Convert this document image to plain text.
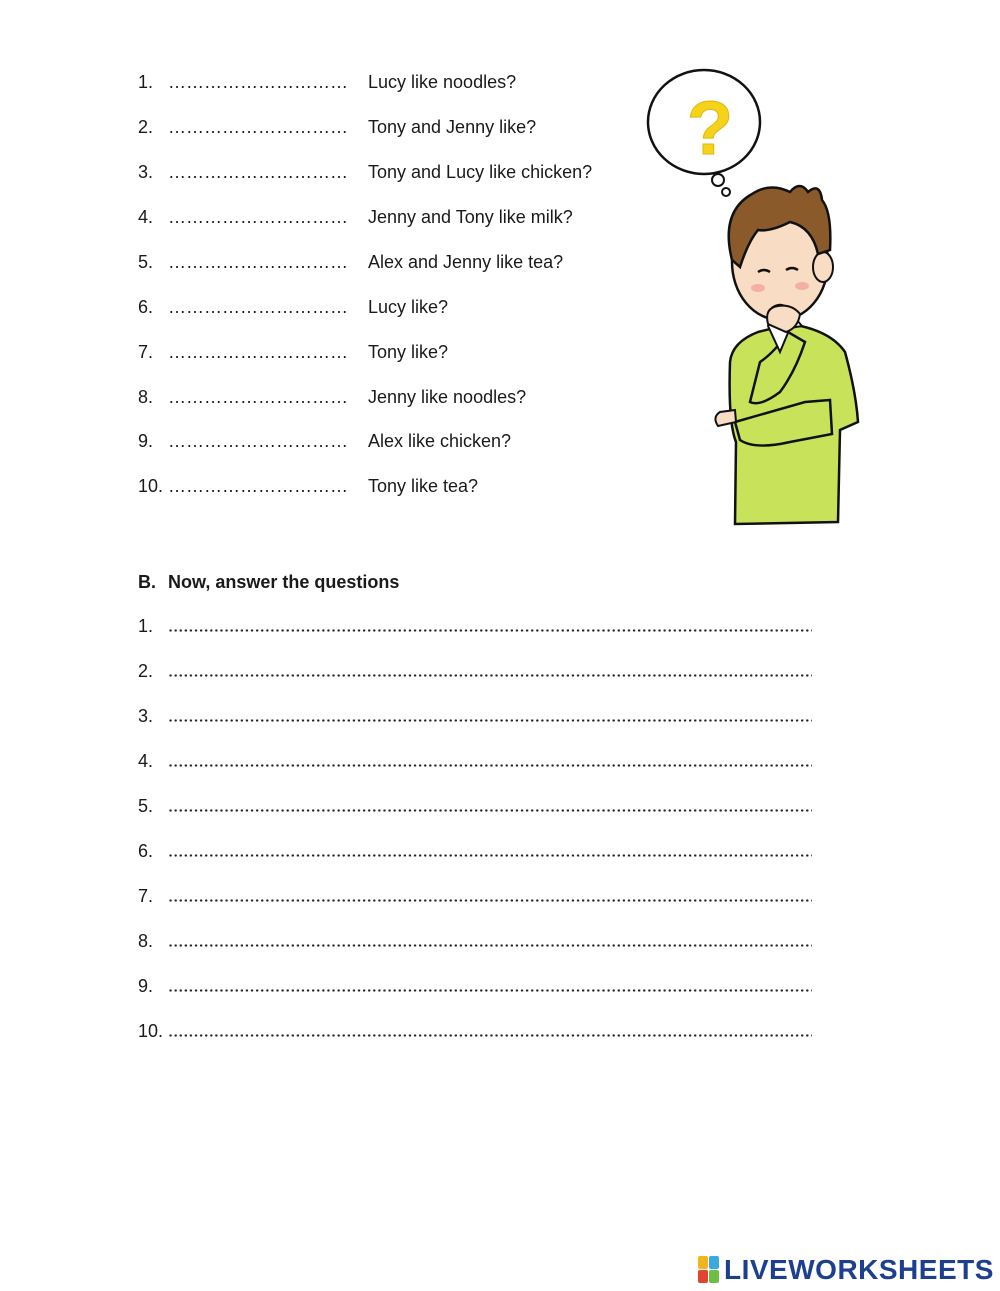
1. ………………………… Lucy like noodles?
2. ………………………… Tony and Jenny like?
3. ………………………… Tony and Lucy like chicken?
4. ………………………… Jenny and Tony like milk?
5. ………………………… Alex and Jenny like tea?
6. ………………………… Lucy like?
7. ………………………… Tony like?
8. ………………………… Jenny like noodles?
9. ………………………… Alex like chicken?
10. ………………………… Tony like tea?
?
B. Now, answer the questions
1.
2.
3.
4.
5.
6.
7.
8.
9.
10.
LIVEWORKSHEETS
